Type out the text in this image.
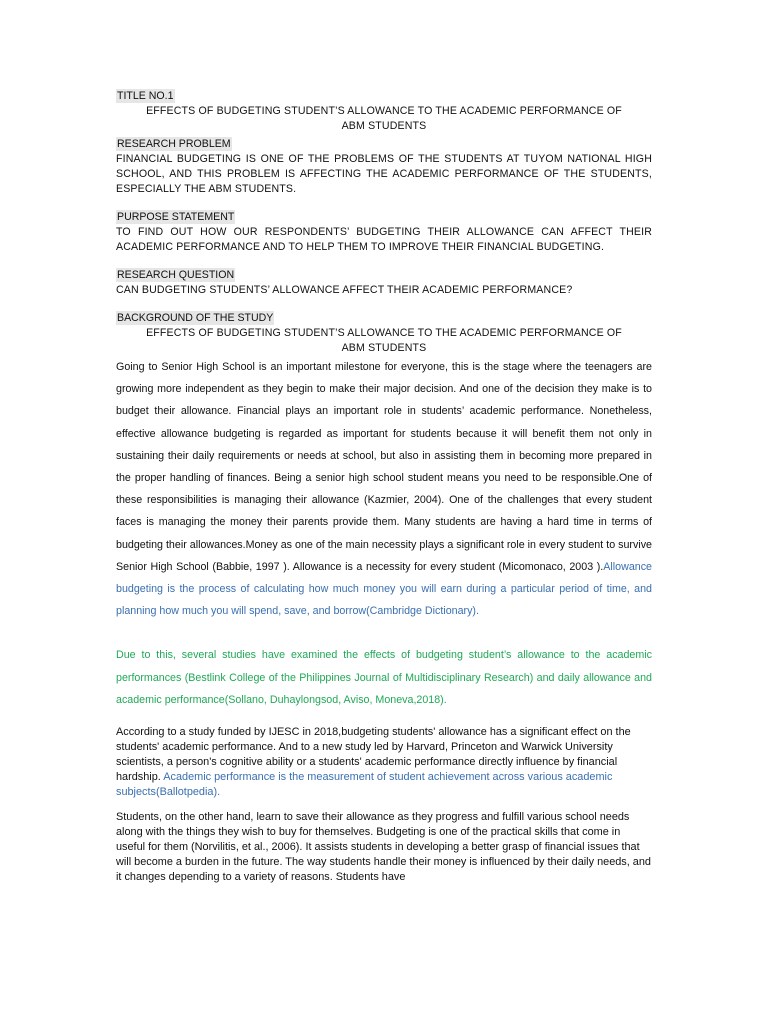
TITLE NO.1
EFFECTS OF BUDGETING STUDENT’S ALLOWANCE TO THE ACADEMIC PERFORMANCE OF ABM STUDENTS
RESEARCH PROBLEM
FINANCIAL BUDGETING IS ONE OF THE PROBLEMS OF THE STUDENTS AT TUYOM NATIONAL HIGH SCHOOL, AND THIS PROBLEM IS AFFECTING THE ACADEMIC PERFORMANCE OF THE STUDENTS, ESPECIALLY THE ABM STUDENTS.
PURPOSE STATEMENT
TO FIND OUT HOW OUR RESPONDENTS’ BUDGETING THEIR ALLOWANCE CAN AFFECT THEIR ACADEMIC PERFORMANCE AND TO HELP THEM TO IMPROVE THEIR FINANCIAL BUDGETING.
RESEARCH QUESTION
CAN BUDGETING STUDENTS’ ALLOWANCE AFFECT THEIR ACADEMIC PERFORMANCE?
BACKGROUND OF THE STUDY
EFFECTS OF BUDGETING STUDENT’S ALLOWANCE TO THE ACADEMIC PERFORMANCE OF ABM STUDENTS

Going to Senior High School is an important milestone for everyone, this is the stage where the teenagers are growing more independent as they begin to make their major decision. And one of the decision they make is to budget their allowance. Financial plays an important role in students’ academic performance. Nonetheless, effective allowance budgeting is regarded as important for students because it will benefit them not only in sustaining their daily requirements or needs at school, but also in assisting them in becoming more prepared in the proper handling of finances. Being a senior high school student means you need to be responsible.One of these responsibilities is managing their allowance (Kazmier, 2004). One of the challenges that every student faces is managing the money their parents provide them. Many students are having a hard time in terms of budgeting their allowances.Money as one of the main necessity plays a significant role in every student to survive Senior High School (Babbie, 1997 ). Allowance is a necessity for every student (Micomonaco, 2003 ).Allowance budgeting is the process of calculating how much money you will earn during a particular period of time, and planning how much you will spend, save, and borrow(Cambridge Dictionary).

Due to this, several studies have examined the effects of budgeting student’s allowance to the academic performances (Bestlink College of the Philippines Journal of Multidisciplinary Research) and daily allowance and academic performance(Sollano, Duhaylongsod, Aviso, Moneva,2018).

According to a study funded by IJESC in 2018,budgeting students' allowance has a significant effect on the students' academic performance. And to a new study led by Harvard, Princeton and Warwick University scientists, a person's cognitive ability or a students' academic performance directly influence by financial hardship. Academic performance is the measurement of student achievement across various academic subjects(Ballotpedia).

Students, on the other hand, learn to save their allowance as they progress and fulfill various school needs along with the things they wish to buy for themselves. Budgeting is one of the practical skills that come in useful for them (Norvilitis, et al., 2006). It assists students in developing a better grasp of financial issues that will become a burden in the future. The way students handle their money is influenced by their daily needs, and it changes depending to a variety of reasons. Students have
